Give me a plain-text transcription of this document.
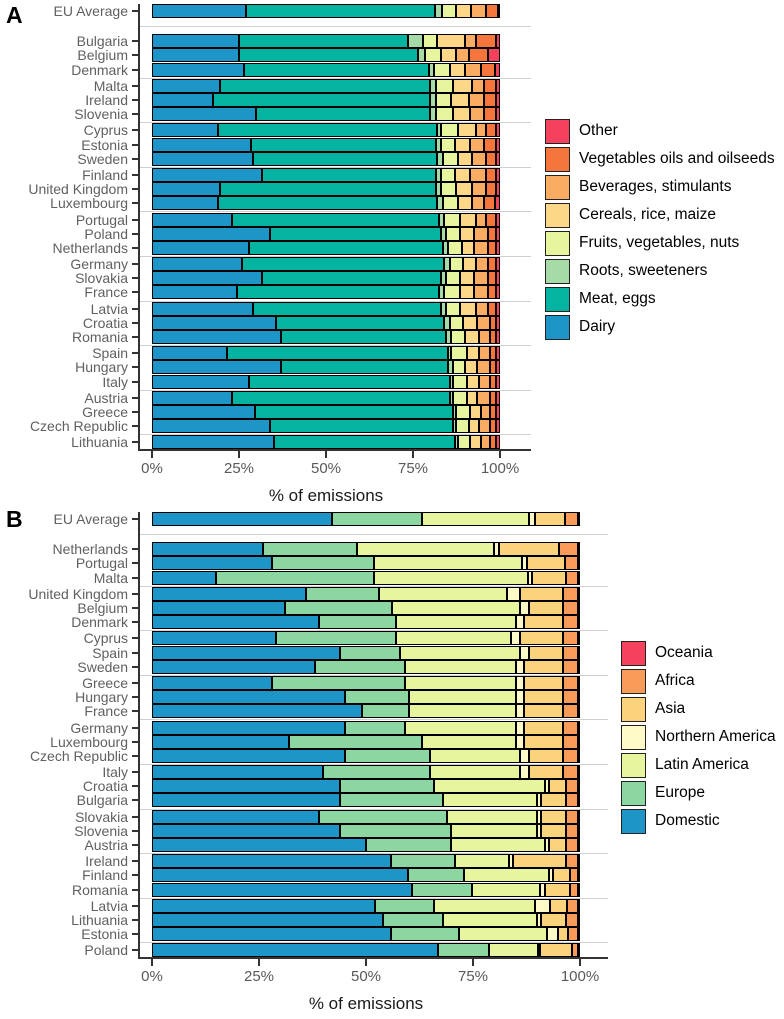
A
B
EU Average
Bulgaria
Belgium
Denmark
Malta
Ireland
Slovenia
Cyprus
Estonia
Sweden
Finland
United Kingdom
Luxembourg
Portugal
Poland
Netherlands
Germany
Slovakia
France
Latvia
Croatia
Romania
Spain
Hungary
Italy
Austria
Greece
Czech Republic
Lithuania
0%	25%	50%	75%	100%
% of emissions
EU Average
Netherlands
Portugal
Malta
United Kingdom
Belgium
Denmark
Cyprus
Spain
Sweden
Greece
Hungary
France
Germany
Luxembourg
Czech Republic
Italy
Croatia
Bulgaria
Slovakia
Slovenia
Austria
Ireland
Finland
Romania
Latvia
Lithuania
Estonia
Poland
0%	25%	50%	75%	100%
% of emissions
Other
Vegetables oils and oilseeds
Beverages, stimulants
Cereals, rice, maize
Fruits, vegetables, nuts
Roots, sweeteners
Meat, eggs
Dairy
Oceania
Africa
Asia
Northern America
Latin America
Europe
Domestic
